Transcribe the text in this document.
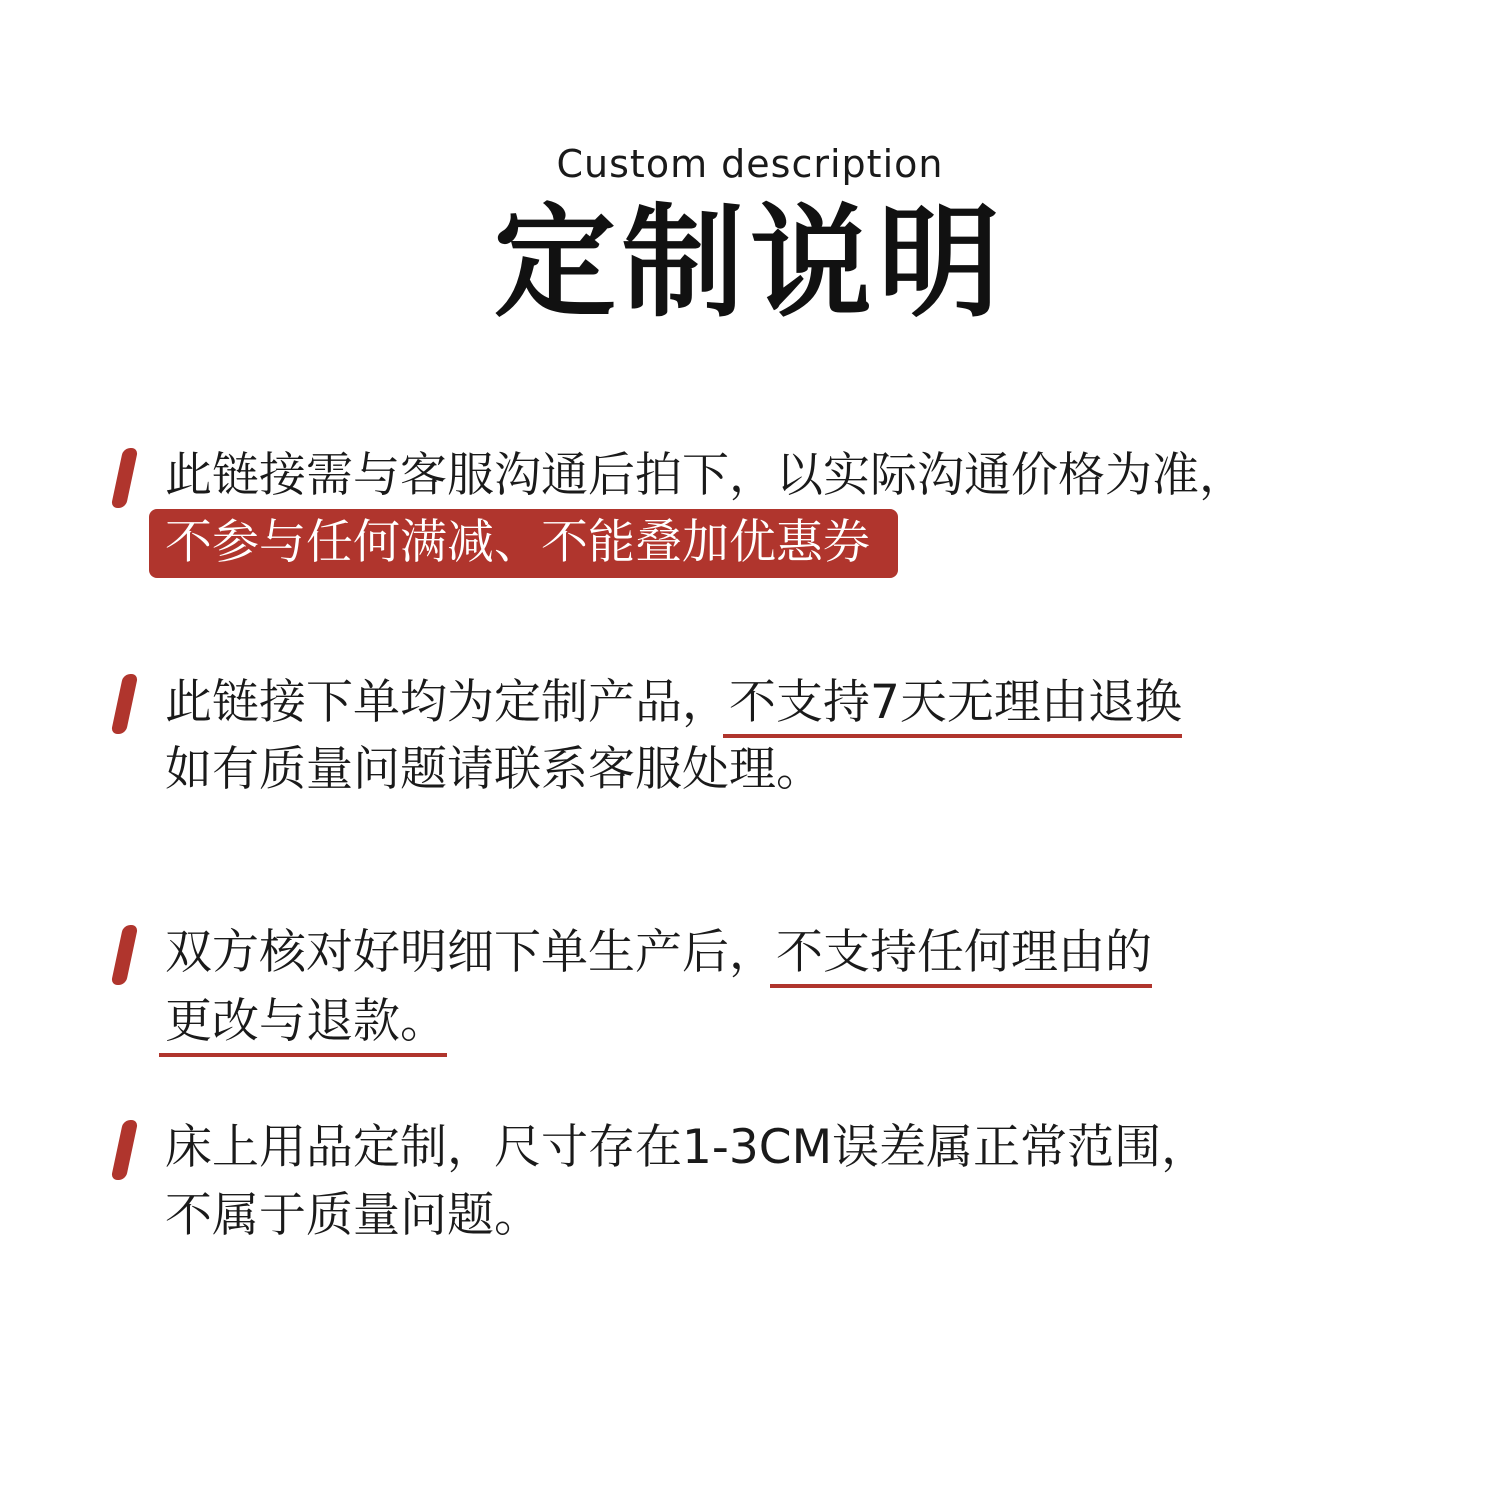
Custom description
定制说明
此链接需与客服沟通后拍下，以实际沟通价格为准，
不参与任何满减、不能叠加优惠券
此链接下单均为定制产品，不支持7天无理由退换
如有质量问题请联系客服处理。
双方核对好明细下单生产后，不支持任何理由的
更改与退款。
床上用品定制，尺寸存在1-3CM误差属正常范围，
不属于质量问题。
